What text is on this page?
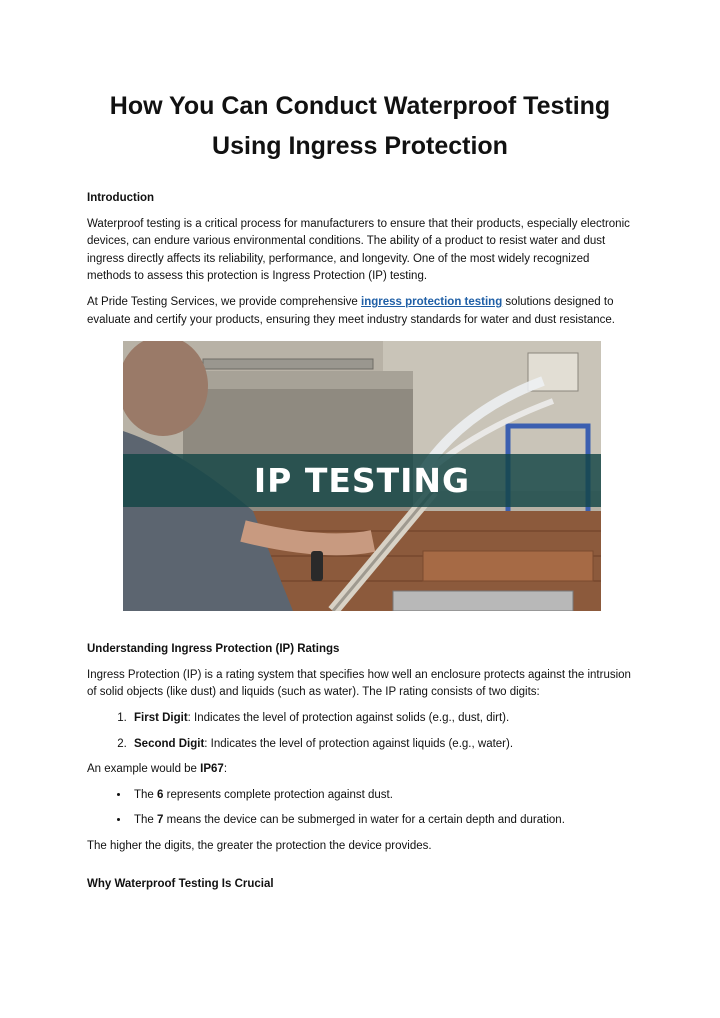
How You Can Conduct Waterproof Testing
Using Ingress Protection
Introduction

Waterproof testing is a critical process for manufacturers to ensure that their products, especially electronic devices, can endure various environmental conditions. The ability of a product to resist water and dust ingress directly affects its reliability, performance, and longevity. One of the most widely recognized methods to assess this protection is Ingress Protection (IP) testing.

At Pride Testing Services, we provide comprehensive ingress protection testing solutions designed to evaluate and certify your products, ensuring they meet industry standards for water and dust resistance.

IP TESTING
Understanding Ingress Protection (IP) Ratings

Ingress Protection (IP) is a rating system that specifies how well an enclosure protects against the intrusion of solid objects (like dust) and liquids (such as water). The IP rating consists of two digits:

1. First Digit: Indicates the level of protection against solids (e.g., dust, dirt).
2. Second Digit: Indicates the level of protection against liquids (e.g., water).

An example would be IP67:

• The 6 represents complete protection against dust.
• The 7 means the device can be submerged in water for a certain depth and duration.

The higher the digits, the greater the protection the device provides.

Why Waterproof Testing Is Crucial
